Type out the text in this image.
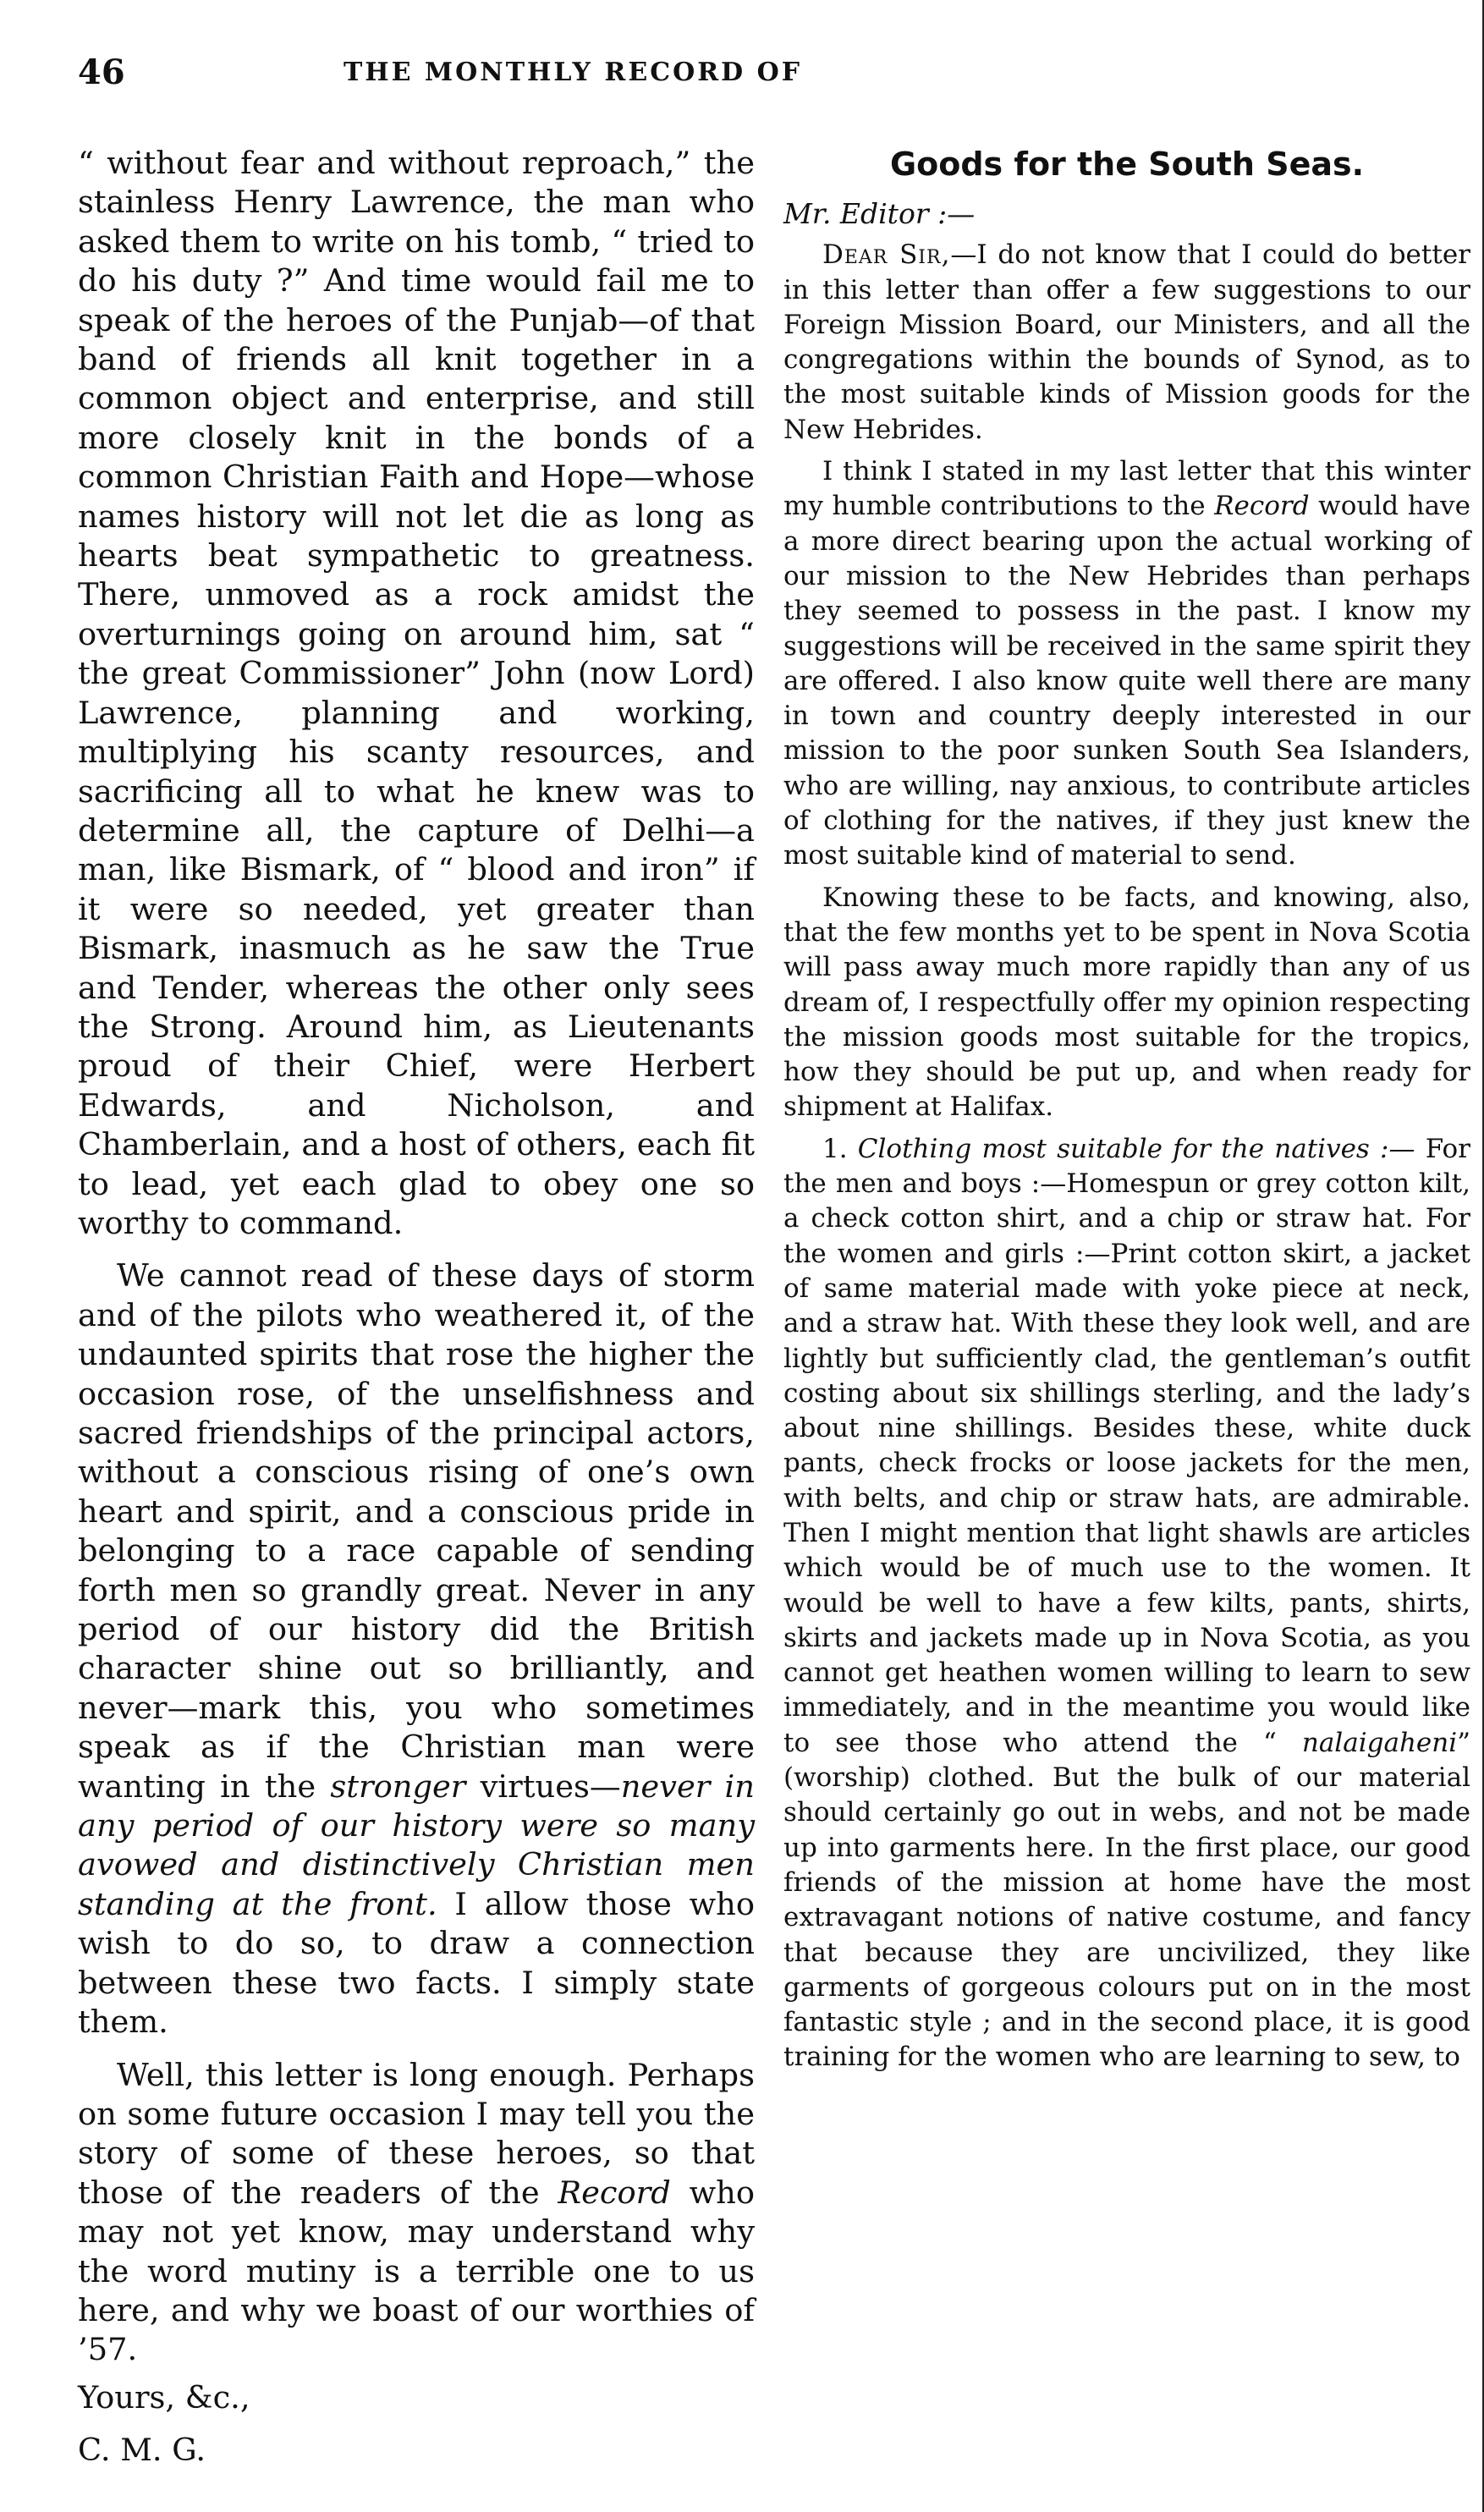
46	THE MONTHLY RECORD OF

“ without fear and without reproach,” the stainless Henry Lawrence, the man who asked them to write on his tomb, “ tried to do his duty ?” And time would fail me to speak of the heroes of the Punjab—of that band of friends all knit together in a common object and enterprise, and still more closely knit in the bonds of a common Christian Faith and Hope—whose names history will not let die as long as hearts beat sympathetic to greatness. There, unmoved as a rock amidst the overturnings going on around him, sat “ the great Commissioner” John (now Lord) Lawrence, planning and working, multiplying his scanty resources, and sacrificing all to what he knew was to determine all, the capture of Delhi—a man, like Bismark, of “ blood and iron” if it were so needed, yet greater than Bismark, inasmuch as he saw the True and Tender, whereas the other only sees the Strong. Around him, as Lieutenants proud of their Chief, were Herbert Edwards, and Nicholson, and Chamberlain, and a host of others, each fit to lead, yet each glad to obey one so worthy to command.

We cannot read of these days of storm and of the pilots who weathered it, of the undaunted spirits that rose the higher the occasion rose, of the unselfishness and sacred friendships of the principal actors, without a conscious rising of one’s own heart and spirit, and a conscious pride in belonging to a race capable of sending forth men so grandly great. Never in any period of our history did the British character shine out so brilliantly, and never—mark this, you who sometimes speak as if the Christian man were wanting in the stronger virtues—never in any period of our history were so many avowed and distinctively Christian men standing at the front. I allow those who wish to do so, to draw a connection between these two facts. I simply state them.

Well, this letter is long enough. Perhaps on some future occasion I may tell you the story of some of these heroes, so that those of the readers of the Record who may not yet know, may understand why the word mutiny is a terrible one to us here, and why we boast of our worthies of ’57.

Yours, &c.,

C. M. G.

Goods for the South Seas.

Mr. Editor :—

Dear Sir,—I do not know that I could do better in this letter than offer a few suggestions to our Foreign Mission Board, our Ministers, and all the congregations within the bounds of Synod, as to the most suitable kinds of Mission goods for the New Hebrides.

I think I stated in my last letter that this winter my humble contributions to the Record would have a more direct bearing upon the actual working of our mission to the New Hebrides than perhaps they seemed to possess in the past. I know my suggestions will be received in the same spirit they are offered. I also know quite well there are many in town and country deeply interested in our mission to the poor sunken South Sea Islanders, who are willing, nay anxious, to contribute articles of clothing for the natives, if they just knew the most suitable kind of material to send.

Knowing these to be facts, and knowing, also, that the few months yet to be spent in Nova Scotia will pass away much more rapidly than any of us dream of, I respectfully offer my opinion respecting the mission goods most suitable for the tropics, how they should be put up, and when ready for shipment at Halifax.

1. Clothing most suitable for the natives :— For the men and boys :—Homespun or grey cotton kilt, a check cotton shirt, and a chip or straw hat. For the women and girls :—Print cotton skirt, a jacket of same material made with yoke piece at neck, and a straw hat. With these they look well, and are lightly but sufficiently clad, the gentleman’s outfit costing about six shillings sterling, and the lady’s about nine shillings. Besides these, white duck pants, check frocks or loose jackets for the men, with belts, and chip or straw hats, are admirable. Then I might mention that light shawls are articles which would be of much use to the women. It would be well to have a few kilts, pants, shirts, skirts and jackets made up in Nova Scotia, as you cannot get heathen women willing to learn to sew immediately, and in the meantime you would like to see those who attend the “ nalaigaheni” (worship) clothed. But the bulk of our material should certainly go out in webs, and not be made up into garments here. In the first place, our good friends of the mission at home have the most extravagant notions of native costume, and fancy that because they are uncivilized, they like garments of gorgeous colours put on in the most fantastic style ; and in the second place, it is good training for the women who are learning to sew, to
